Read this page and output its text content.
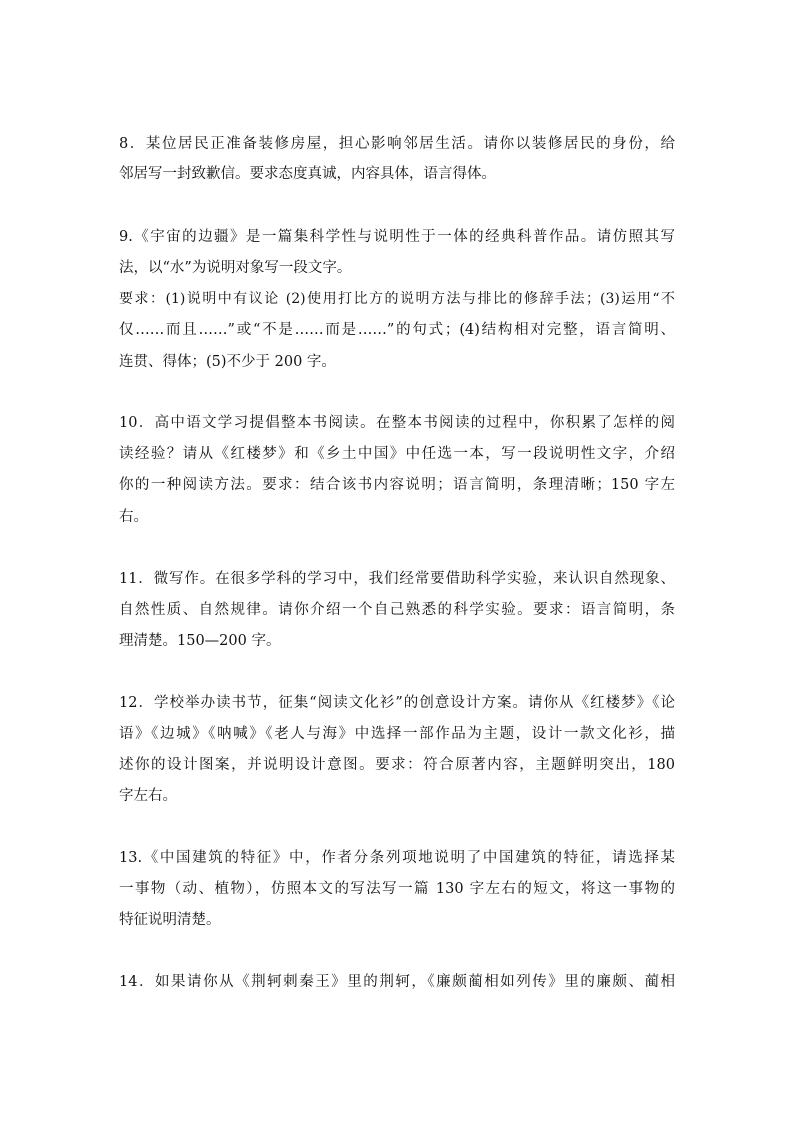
8．某位居民正准备装修房屋，担心影响邻居生活。请你以装修居民的身份，给
邻居写一封致歉信。要求态度真诚，内容具体，语言得体。
9.《宇宙的边疆》是一篇集科学性与说明性于一体的经典科普作品。请仿照其写
法，以“水”为说明对象写一段文字。
要求：(1)说明中有议论 (2)使用打比方的说明方法与排比的修辞手法；(3)运用“不
仅……而且……”或“不是……而是……”的句式；(4)结构相对完整，语言简明、
连贯、得体；(5)不少于 200 字。
10．高中语文学习提倡整本书阅读。在整本书阅读的过程中，你积累了怎样的阅
读经验？请从《红楼梦》和《乡土中国》中任选一本，写一段说明性文字，介绍
你的一种阅读方法。要求：结合该书内容说明；语言简明，条理清晰；150 字左
右。
11．微写作。在很多学科的学习中，我们经常要借助科学实验，来认识自然现象、
自然性质、自然规律。请你介绍一个自己熟悉的科学实验。要求：语言简明，条
理清楚。150—200 字。
12．学校举办读书节，征集“阅读文化衫”的创意设计方案。请你从《红楼梦》《论
语》《边城》《呐喊》《老人与海》中选择一部作品为主题，设计一款文化衫，描
述你的设计图案，并说明设计意图。要求：符合原著内容，主题鲜明突出，180
字左右。
13.《中国建筑的特征》中，作者分条列项地说明了中国建筑的特征，请选择某
一事物（动、植物），仿照本文的写法写一篇 130 字左右的短文，将这一事物的
特征说明清楚。
14．如果请你从《荆轲刺秦王》里的荆轲，《廉颇蔺相如列传》里的廉颇、蔺相
